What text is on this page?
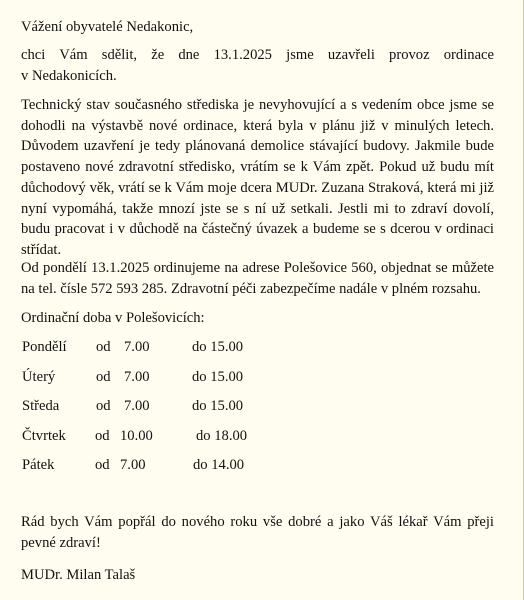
Vážení obyvatelé Nedakonic,

chci Vám sdělit, že dne 13.1.2025 jsme uzavřeli provoz ordinace
v Nedakonicích.

Technický stav současného střediska je nevyhovující a s vedením obce jsme se
dohodli na výstavbě nové ordinace, která byla v plánu již v minulých letech.
Důvodem uzavření je tedy plánovaná demolice stávající budovy. Jakmile bude
postaveno nové zdravotní středisko, vrátím se k Vám zpět. Pokud už budu mít
důchodový věk, vrátí se k Vám moje dcera MUDr. Zuzana Straková, která mi již
nyní vypomáhá, takže mnozí jste se s ní už setkali. Jestli mi to zdraví dovolí,
budu pracovat i v důchodě na částečný úvazek a budeme se s dcerou v ordinaci
střídat.

Od pondělí 13.1.2025 ordinujeme na adrese Polešovice 560, objednat se můžete
na tel. čísle 572 593 285. Zdravotní péči zabezpečíme nadále v plném rozsahu.

Ordinační doba v Polešovicích:

Pondělí od 7.00	do 15.00
Úterý	od 7.00	do 15.00
Středa	od 7.00	do 15.00
Čtvrtek od 10.00	do 18.00
Pátek	od 7.00	do 14.00

Rád bych Vám popřál do nového roku vše dobré a jako Váš lékař Vám přeji
pevné zdraví!

MUDr. Milan Talaš
